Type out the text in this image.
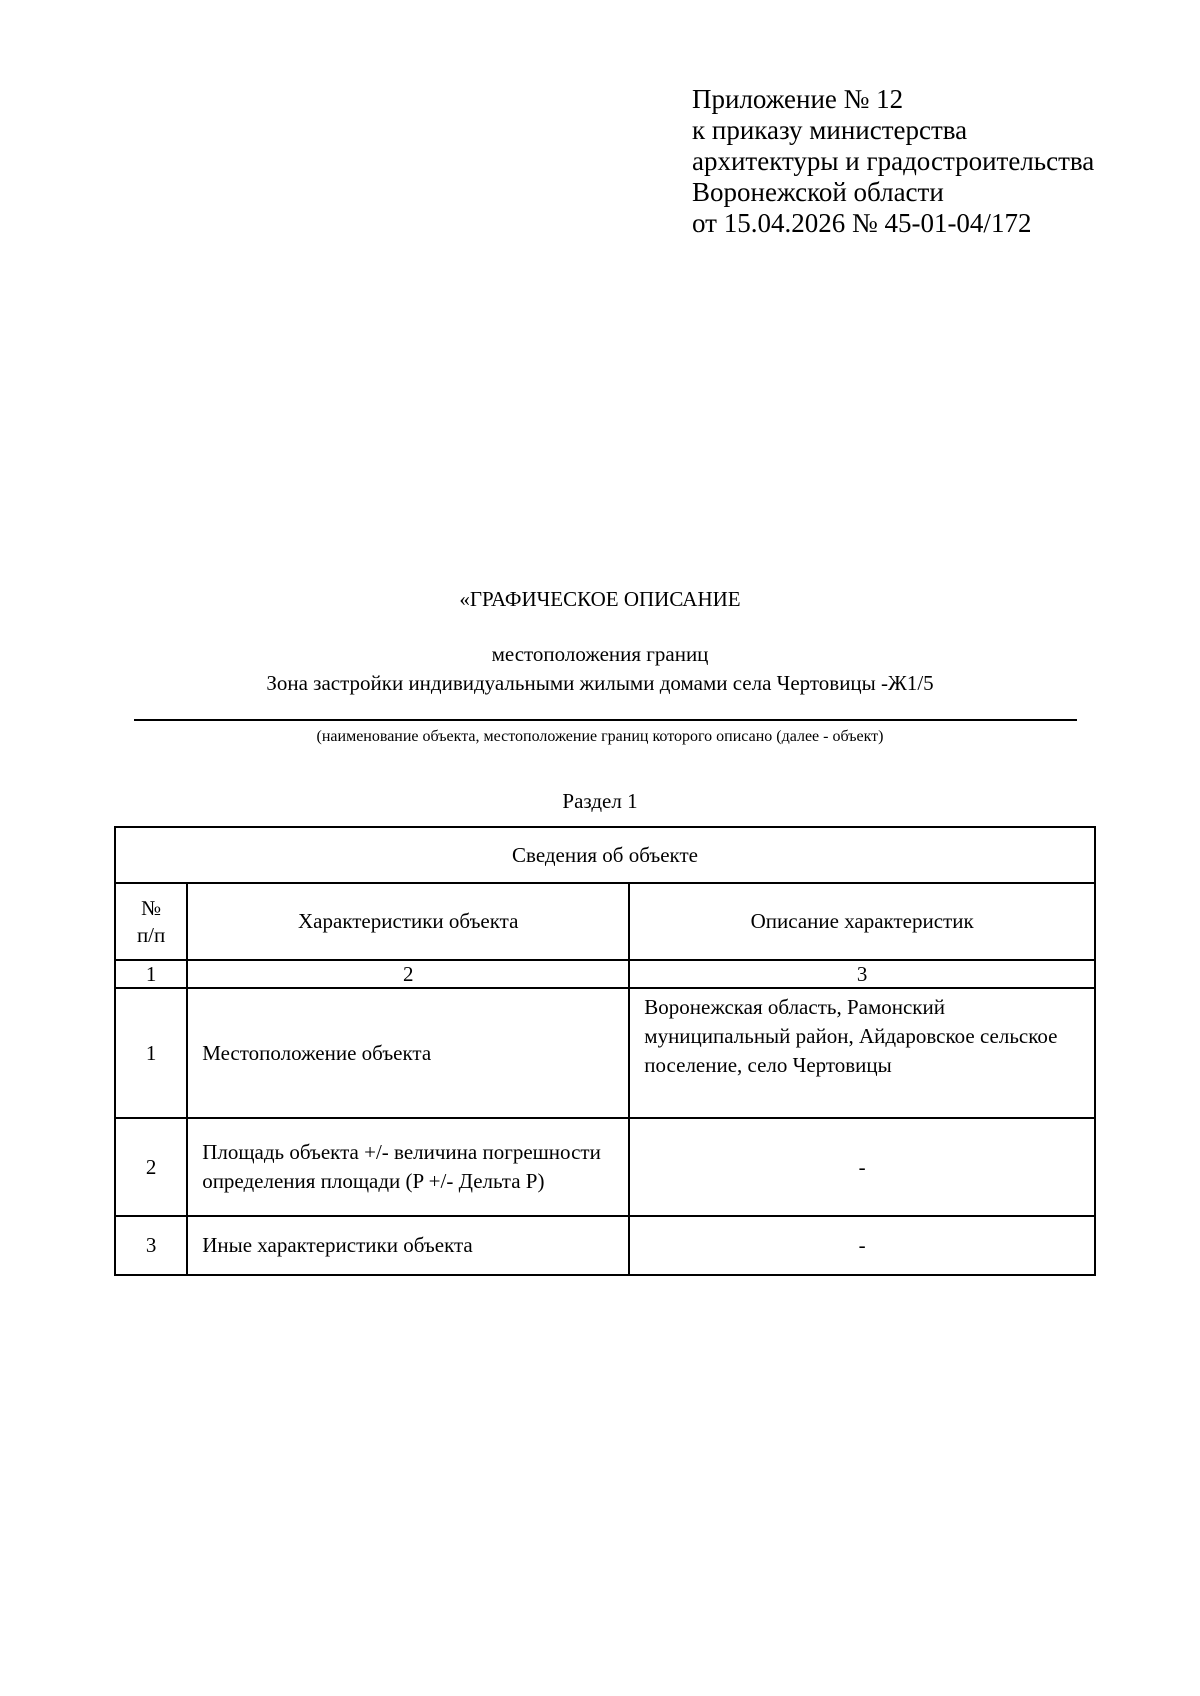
Приложение № 12
к приказу министерства
архитектуры и градостроительства
Воронежской области
от 15.04.2026 № 45-01-04/172
«ГРАФИЧЕСКОЕ ОПИСАНИЕ
местоположения границ
Зона застройки индивидуальными жилыми домами села Чертовицы -Ж1/5
(наименование объекта, местоположение границ которого описано (далее - объект)
Раздел 1
Сведения об объекте		

№
п/п	Характеристики объекта	Описание характеристик
1	2	3
1	Местоположение объекта	Воронежская область, Рамонский муниципальный район, Айдаровское сельское поселение, село Чертовицы
2	Площадь объекта +/- величина погрешности определения площади (P +/- Дельта P)	-
3	Иные характеристики объекта	-
